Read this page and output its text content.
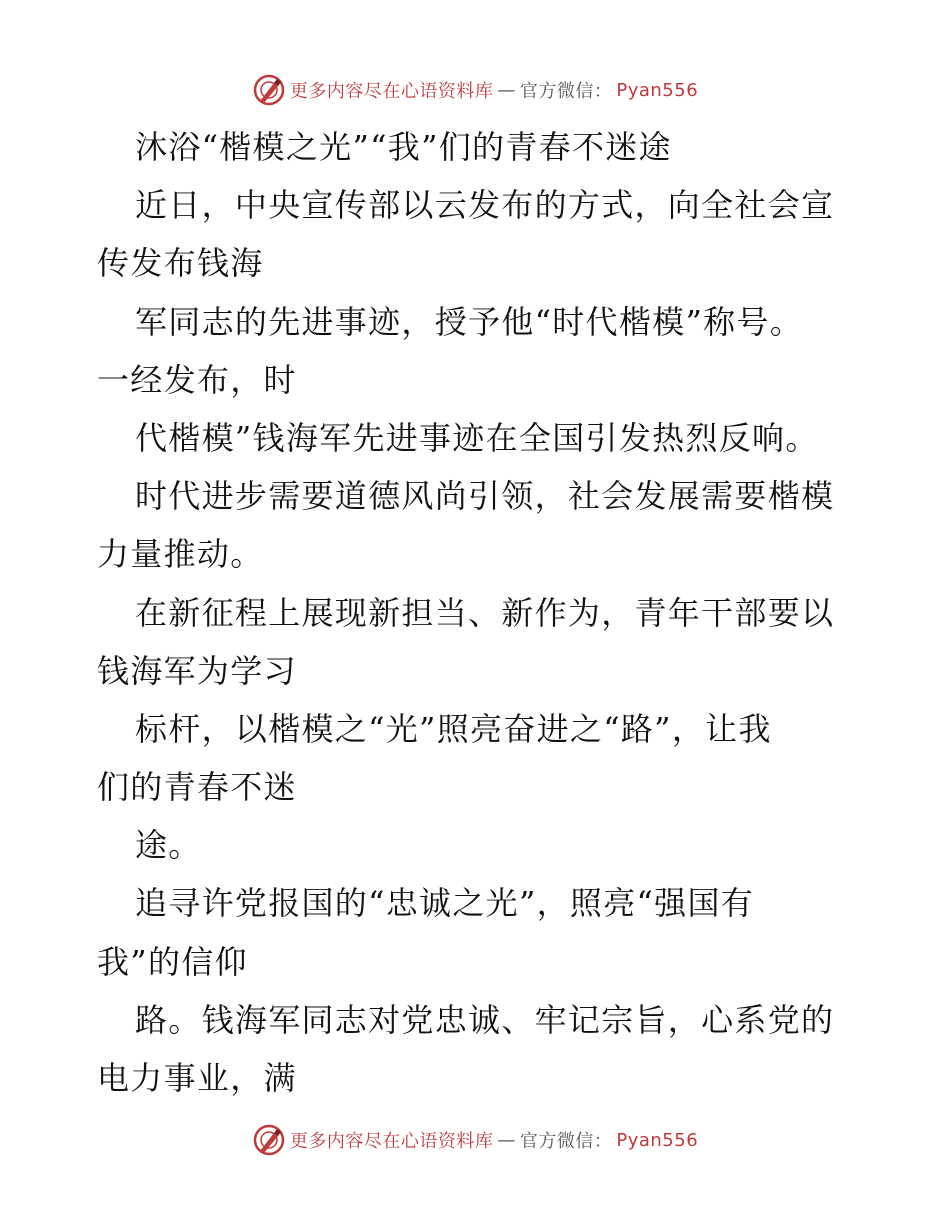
更多内容尽在心语资料库 — 官方微信： Pyan556
沐浴“楷模之光”“我”们的青春不迷途
近日，中央宣传部以云发布的方式，向全社会宣
传发布钱海
军同志的先进事迹，授予他“时代楷模”称号。
一经发布，时
代楷模”钱海军先进事迹在全国引发热烈反响。
时代进步需要道德风尚引领，社会发展需要楷模
力量推动。
在新征程上展现新担当、新作为，青年干部要以
钱海军为学习
标杆，以楷模之“光”照亮奋进之“路”，让我
们的青春不迷
途。
追寻许党报国的“忠诚之光”，照亮“强国有
我”的信仰
路。钱海军同志对党忠诚、牢记宗旨，心系党的
电力事业，满
更多内容尽在心语资料库 — 官方微信： Pyan556
